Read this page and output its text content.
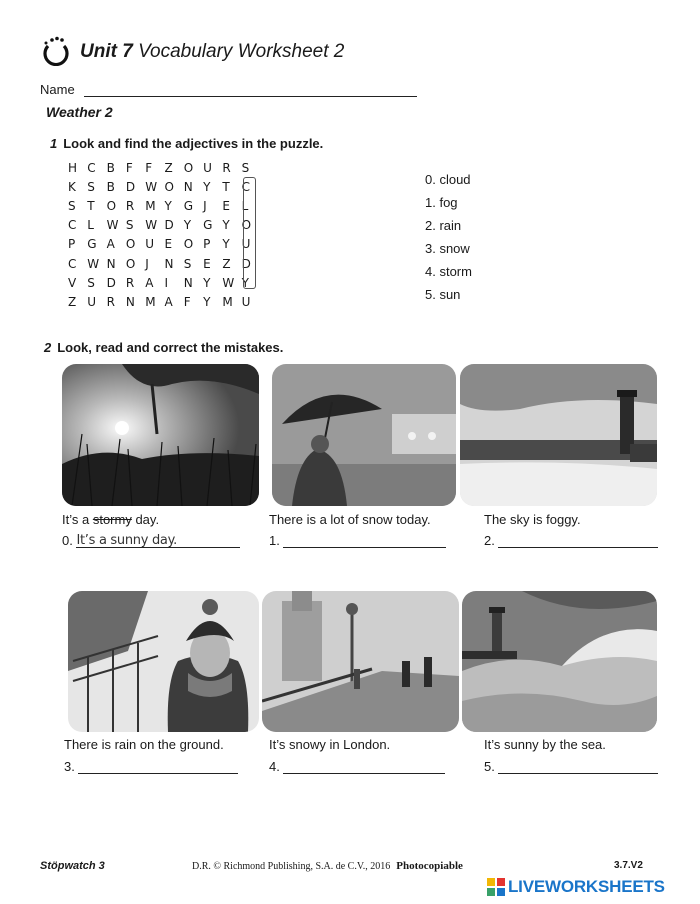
Unit 7 Vocabulary Worksheet 2
Name
Weather 2
1 Look and find the adjectives in the puzzle.
H C B F	F	Z O U R S
K S B D W O N Y T C
S T O R M Y G J	E L
C L	W S W D Y G Y O
P	G A O U E O P	Y U
C W N O J	N S E Z D
V S D R A I	N Y W Y
Z U R N M A F	Y M U
0. cloud
1. fog
2. rain
3. snow
4. storm
5. sun
2 Look, read and correct the mistakes.
It’s a stormy day.	There is a lot of snow today.	The sky is foggy.
There is rain on the ground.	It’s snowy in London.	It’s sunny by the sea.
0. It’s a sunny day.	1.	2.
3.	4.	5.
Stöpwatch 3	D.R. © Richmond Publishing, S.A. de C.V., 2016 Photocopiable	3.7.V2
LIVEWORKSHEETS
